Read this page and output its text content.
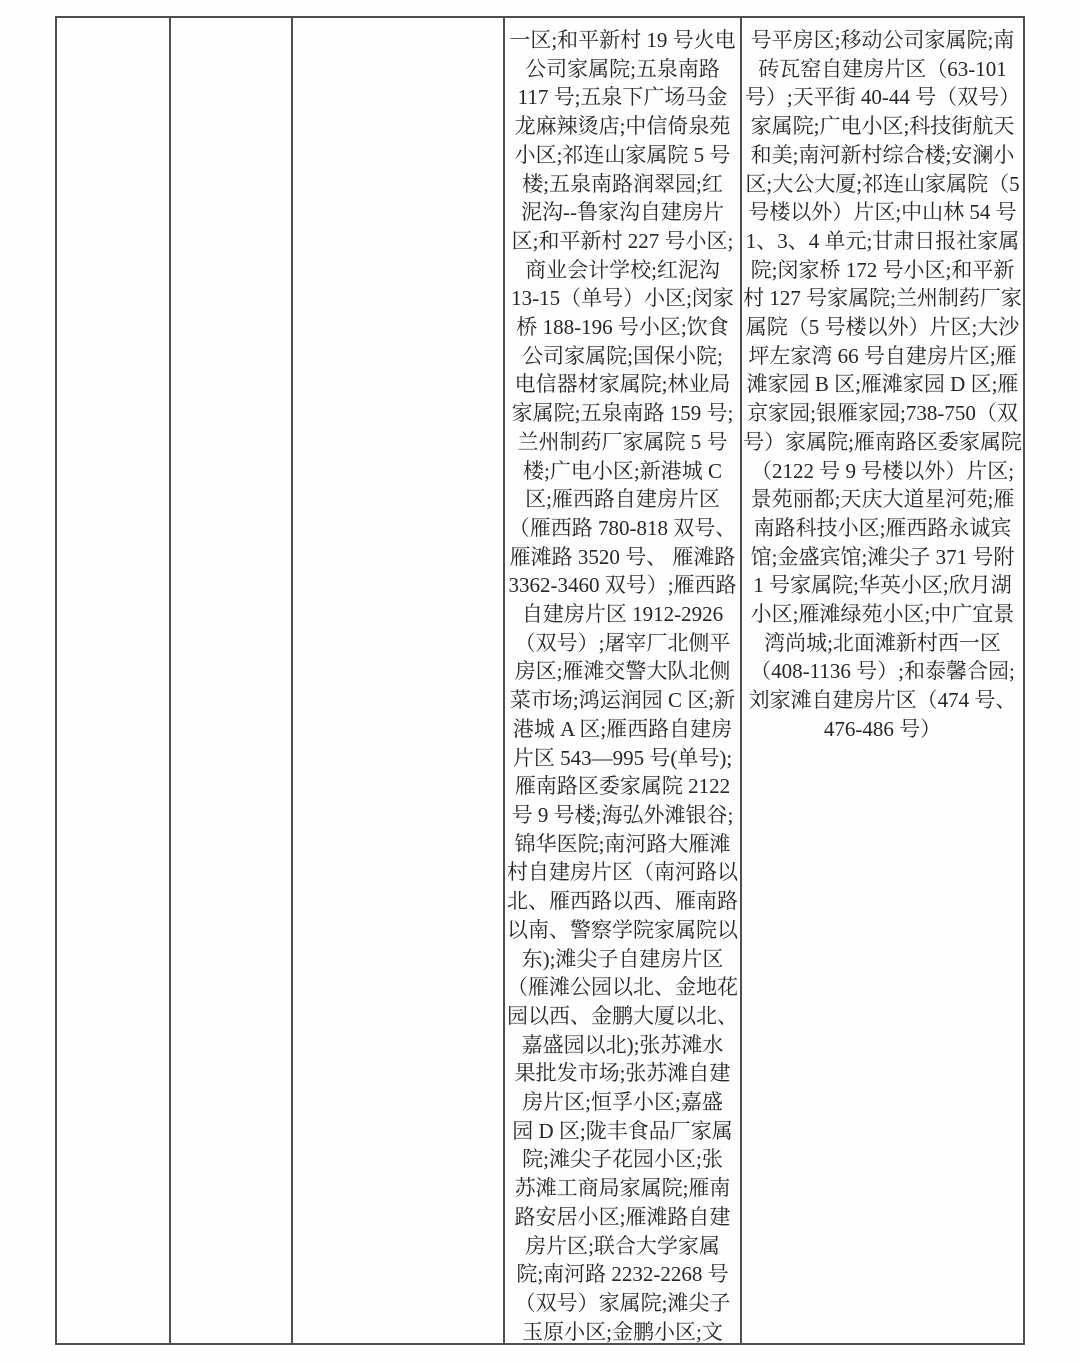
一区;和平新村 19 号火电
公司家属院;五泉南路
117 号;五泉下广场马金
龙麻辣烫店;中信倚泉苑
小区;祁连山家属院 5 号
楼;五泉南路润翠园;红
泥沟--鲁家沟自建房片
区;和平新村 227 号小区;
商业会计学校;红泥沟
13-15（单号）小区;闵家
桥 188-196 号小区;饮食
公司家属院;国保小院;
电信器材家属院;林业局
家属院;五泉南路 159 号;
兰州制药厂家属院 5 号
楼;广电小区;新港城 C
区;雁西路自建房片区
（雁西路 780-818 双号、
雁滩路 3520 号、 雁滩路
3362-3460 双号）;雁西路
自建房片区 1912-2926
（双号）;屠宰厂北侧平
房区;雁滩交警大队北侧
菜市场;鸿运润园 C 区;新
港城 A 区;雁西路自建房
片区 543—995 号(单号);
雁南路区委家属院 2122
号 9 号楼;海弘外滩银谷;
锦华医院;南河路大雁滩
村自建房片区（南河路以
北、雁西路以西、雁南路
以南、警察学院家属院以
东);滩尖子自建房片区
（雁滩公园以北、金地花
园以西、金鹏大厦以北、
嘉盛园以北);张苏滩水
果批发市场;张苏滩自建
房片区;恒孚小区;嘉盛
园 D 区;陇丰食品厂家属
院;滩尖子花园小区;张
苏滩工商局家属院;雁南
路安居小区;雁滩路自建
房片区;联合大学家属
院;南河路 2232-2268 号
（双号）家属院;滩尖子
玉原小区;金鹏小区;文
号平房区;移动公司家属院;南
砖瓦窑自建房片区（63-101
号）;天平街 40-44 号（双号）
家属院;广电小区;科技街航天
和美;南河新村综合楼;安澜小
区;大公大厦;祁连山家属院（5
号楼以外）片区;中山林 54 号
1、3、4 单元;甘肃日报社家属
院;闵家桥 172 号小区;和平新
村 127 号家属院;兰州制药厂家
属院（5 号楼以外）片区;大沙
坪左家湾 66 号自建房片区;雁
滩家园 B 区;雁滩家园 D 区;雁
京家园;银雁家园;738-750（双
号）家属院;雁南路区委家属院
（2122 号 9 号楼以外）片区;
景苑丽都;天庆大道星河苑;雁
南路科技小区;雁西路永诚宾
馆;金盛宾馆;滩尖子 371 号附
1 号家属院;华英小区;欣月湖
小区;雁滩绿苑小区;中广宜景
湾尚城;北面滩新村西一区
（408-1136 号）;和泰馨合园;
刘家滩自建房片区（474 号、
476-486 号）
